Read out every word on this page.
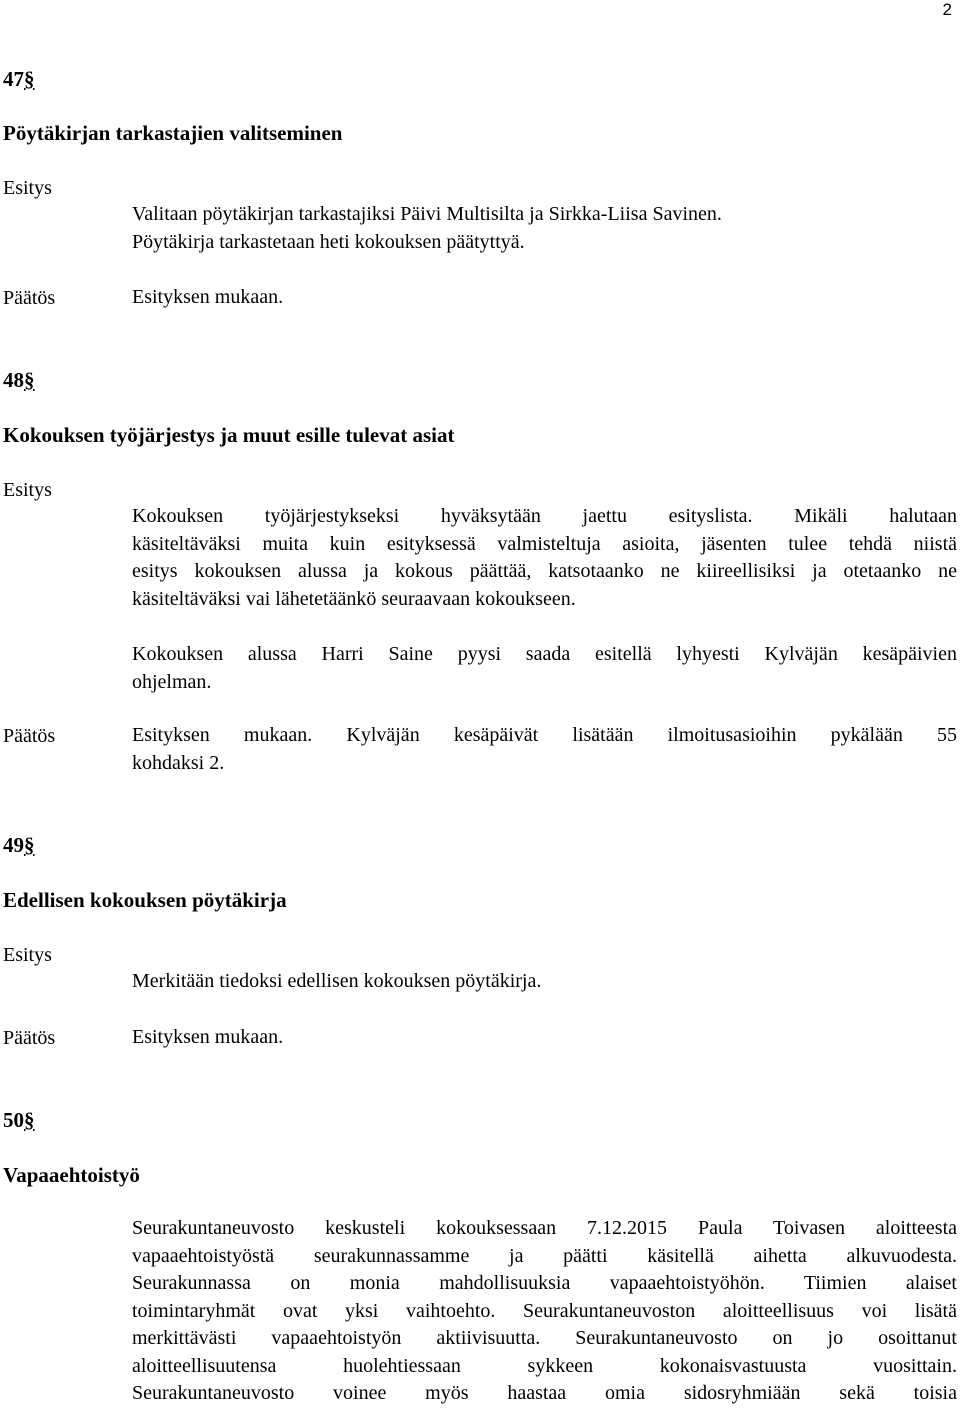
2
47§
Pöytäkirjan tarkastajien valitseminen
Esitys
Valitaan pöytäkirjan tarkastajiksi Päivi Multisilta ja Sirkka-Liisa Savinen.
Pöytäkirja tarkastetaan heti kokouksen päätyttyä.
Päätös	Esityksen mukaan.
48§
Kokouksen työjärjestys ja muut esille tulevat asiat
Esitys
Kokouksen työjärjestykseksi hyväksytään jaettu esityslista. Mikäli halutaan
käsiteltäväksi muita kuin esityksessä valmisteltuja asioita, jäsenten tulee tehdä niistä
esitys kokouksen alussa ja kokous päättää, katsotaanko ne kiireellisiksi ja otetaanko ne
käsiteltäväksi vai lähetetäänkö seuraavaan kokoukseen.
Kokouksen alussa Harri Saine pyysi saada esitellä lyhyesti Kylväjän kesäpäivien
ohjelman.
Päätös	Esityksen mukaan. Kylväjän kesäpäivät lisätään ilmoitusasioihin pykälään 55
kohdaksi 2.
49§
Edellisen kokouksen pöytäkirja
Esitys
Merkitään tiedoksi edellisen kokouksen pöytäkirja.
Päätös	Esityksen mukaan.
50§
Vapaaehtoistyö
Seurakuntaneuvosto keskusteli kokouksessaan 7.12.2015 Paula Toivasen aloitteesta
vapaaehtoistyöstä seurakunnassamme ja päätti käsitellä aihetta alkuvuodesta.
Seurakunnassa on monia mahdollisuuksia vapaaehtoistyöhön. Tiimien alaiset
toimintaryhmät ovat yksi vaihtoehto. Seurakuntaneuvoston aloitteellisuus voi lisätä
merkittävästi vapaaehtoistyön aktiivisuutta. Seurakuntaneuvosto on jo osoittanut
aloitteellisuutensa huolehtiessaan sykkeen kokonaisvastuusta vuosittain.
Seurakuntaneuvosto voinee myös haastaa omia sidosryhmiään sekä toisia
